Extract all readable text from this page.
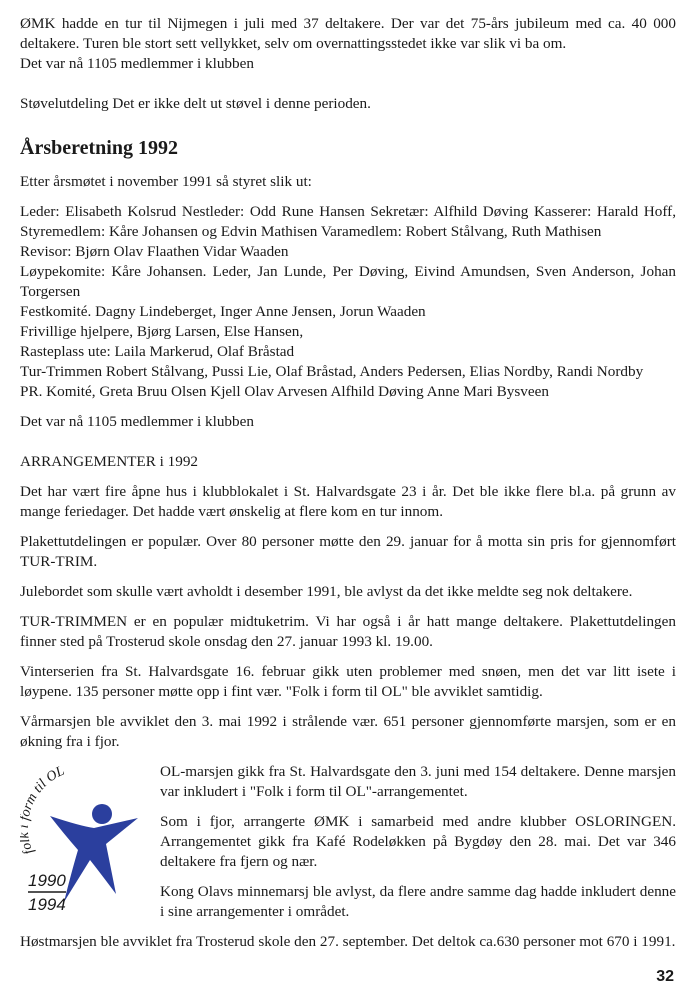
ØMK hadde en tur til Nijmegen i juli med 37 deltakere. Der var det 75-års jubileum med ca. 40 000 deltakere. Turen ble stort sett vellykket, selv om overnattingsstedet ikke var slik vi ba om.

Det var nå 1105 medlemmer i klubben

Støvelutdeling Det er ikke delt ut støvel i denne perioden.

Årsberetning 1992

Etter årsmøtet i november 1991 så styret slik ut:

Leder: Elisabeth Kolsrud Nestleder: Odd Rune Hansen Sekretær: Alfhild Døving Kasserer: Harald Hoff, Styremedlem: Kåre Johansen og Edvin Mathisen Varamedlem: Robert Stålvang, Ruth Mathisen

Revisor: Bjørn Olav Flaathen Vidar Waaden

Løypekomite: Kåre Johansen. Leder, Jan Lunde, Per Døving, Eivind Amundsen, Sven Anderson, Johan Torgersen

Festkomité. Dagny Lindeberget, Inger Anne Jensen, Jorun Waaden

Frivillige hjelpere, Bjørg Larsen, Else Hansen,

Rasteplass ute: Laila Markerud, Olaf Bråstad

Tur-Trimmen Robert Stålvang, Pussi Lie, Olaf Bråstad, Anders Pedersen, Elias Nordby, Randi Nordby

PR. Komité, Greta Bruu Olsen Kjell Olav Arvesen Alfhild Døving Anne Mari Bysveen

Det var nå 1105 medlemmer i klubben

ARRANGEMENTER i 1992

Det har vært fire åpne hus i klubblokalet i St. Halvardsgate 23 i år. Det ble ikke flere bl.a. på grunn av mange feriedager. Det hadde vært ønskelig at flere kom en tur innom.

Plakettutdelingen er populær. Over 80 personer møtte den 29. januar for å motta sin pris for gjennomført TUR-TRIM.

Julebordet som skulle vært avholdt i desember 1991, ble avlyst da det ikke meldte seg nok deltakere.

TUR-TRIMMEN er en populær midtuketrim. Vi har også i år hatt mange deltakere. Plakettutdelingen finner sted på Trosterud skole onsdag den 27. januar 1993 kl. 19.00.

Vinterserien fra St. Halvardsgate 16. februar gikk uten problemer med snøen, men det var litt isete i løypene. 135 personer møtte opp i fint vær. "Folk i form til OL" ble avviklet samtidig.

Vårmarsjen ble avviklet den 3. mai 1992 i strålende vær. 651 personer gjennomførte marsjen, som er en økning fra i fjor.

fo rm til OL
1990
1994

OL-marsjen gikk fra St. Halvardsgate den 3. juni med 154 deltakere. Denne marsjen var inkludert i "Folk i form til OL"-arrangementet.

Som i fjor, arrangerte ØMK i samarbeid med andre klubber OSLORINGEN. Arrangementet gikk fra Kafé Rodeløkken på Bygdøy den 28. mai. Det var 346 deltakere fra fjern og nær.

Kong Olavs minnemarsj ble avlyst, da flere andre samme dag hadde inkludert denne i sine arrangementer i området.

Høstmarsjen ble avviklet fra Trosterud skole den 27. september. Det deltok ca.630 personer mot 670 i 1991.

32
